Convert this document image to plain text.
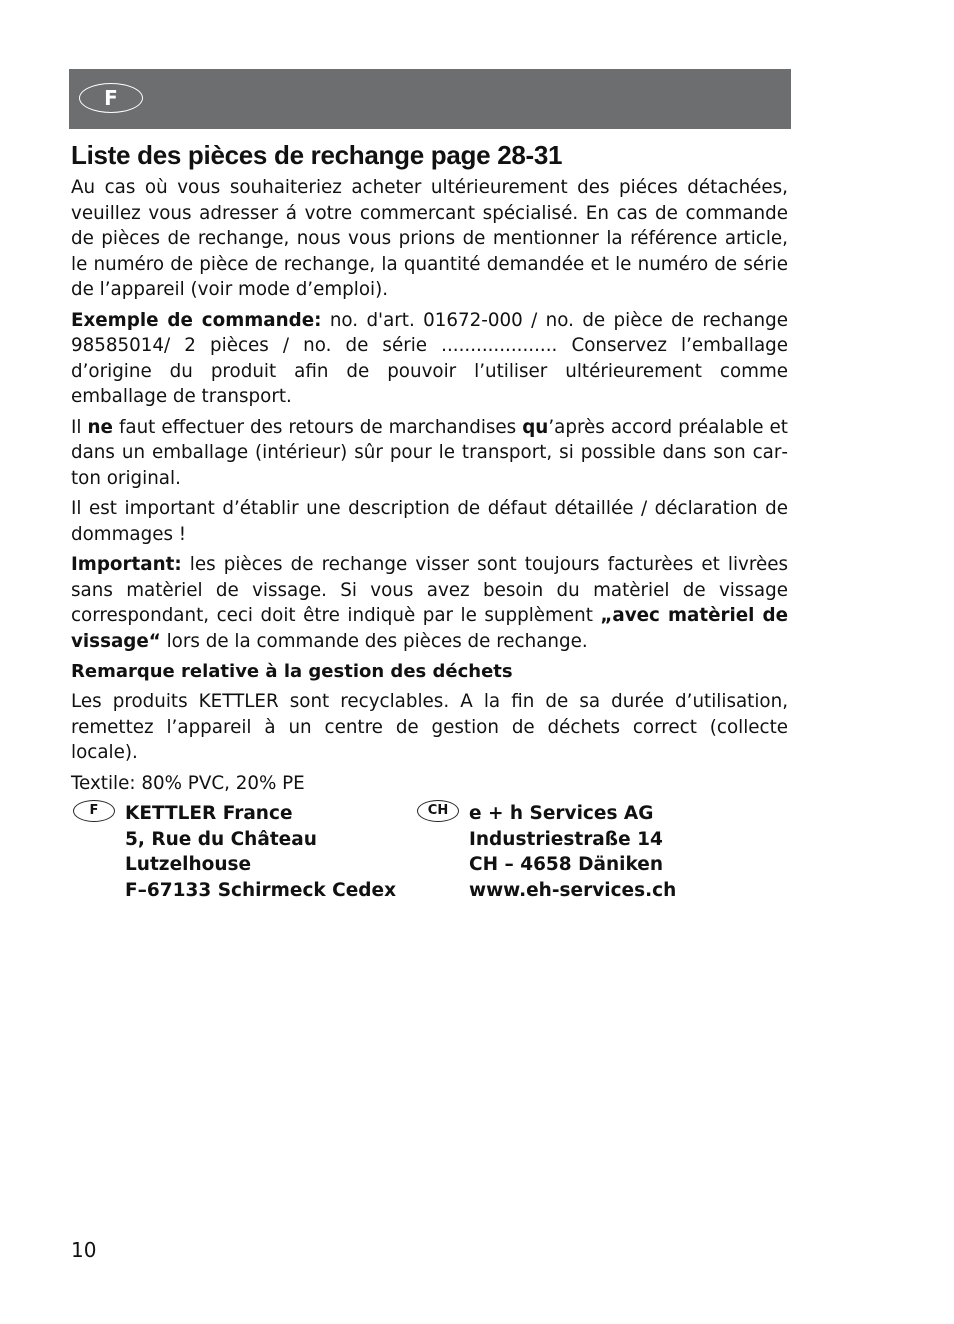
F
Liste des pièces de rechange page 28-31

Au cas où vous souhaiteriez acheter ultérieurement des piéces détachées, veuillez vous adresser á votre commercant spécialisé. En cas de commande de pièces de rechange, nous vous prions de mentionner la référence article, le numéro de pièce de rechange, la quantité demandée et le numéro de série de l’appareil (voir mode d’emploi).

Exemple de commande: no. d'art. 01672-000 / no. de pièce de rechange 98585014/ 2 pièces / no. de série .................... Conservez l’emballage d’origine du produit afin de pouvoir l’utiliser ultérieurement comme emballage de transport.

Il ne faut effectuer des retours de marchandises qu’après accord préalable et dans un emballage (intérieur) sûr pour le transport, si possible dans son carton original.

Il est important d’établir une description de défaut détaillée / déclaration de dommages !

Important: les pièces de rechange visser sont toujours facturèes et livrèes sans matèriel de vissage. Si vous avez besoin du matèriel de vissage correspondant, ceci doit être indiquè par le supplèment „avec matèriel de vissage“ lors de la commande des pièces de rechange.

Remarque relative à la gestion des déchets

Les produits KETTLER sont recyclables. A la fin de sa durée d’utilisation, remettez l’appareil à un centre de gestion de déchets correct (collecte locale).

Textile: 80% PVC, 20% PE

F	KETTLER France
5, Rue du Château
Lutzelhouse
F–67133 Schirmeck Cedex
CH	e + h Services AG
Industriestraße 14
CH – 4658 Däniken
www.eh-services.ch
10
